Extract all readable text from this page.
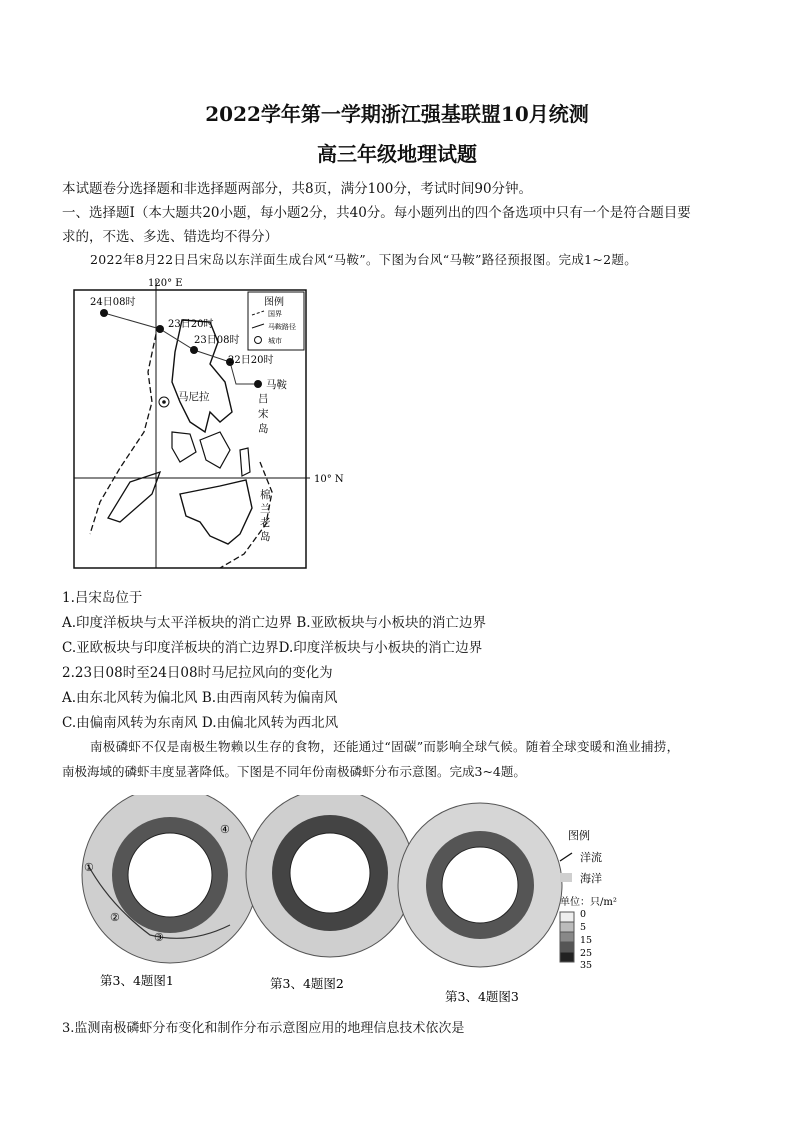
2022学年第一学期浙江强基联盟10月统测
高三年级地理试题
本试题卷分选择题和非选择题两部分，共8页，满分100分，考试时间90分钟。
一、选择题Ⅰ（本大题共20小题，每小题2分，共40分。每小题列出的四个备选项中只有一个是符合题目要
求的，不选、多选、错选均不得分）
2022年8月22日吕宋岛以东洋面生成台风“马鞍”。下图为台风“马鞍”路径预报图。完成1~2题。
120° E
10° N
24日08时
23日20时
23日08时
22日20时
马鞍
马尼拉	吕
宋
岛
棉
兰
老
岛
图例
国界
马鞍路径
城市
1.吕宋岛位于
A.印度洋板块与太平洋板块的消亡边界 B.亚欧板块与小板块的消亡边界
C.亚欧板块与印度洋板块的消亡边界D.印度洋板块与小板块的消亡边界
2.23日08时至24日08时马尼拉风向的变化为
A.由东北风转为偏北风 B.由西南风转为偏南风
C.由偏南风转为东南风 D.由偏北风转为西北风
南极磷虾不仅是南极生物赖以生存的食物，还能通过“固碳”而影响全球气候。随着全球变暖和渔业捕捞，
南极海域的磷虾丰度显著降低。下图是不同年份南极磷虾分布示意图。完成3~4题。
①
②
③
④
第3、4题图1	第3、4题图2
第3、4题图3
图例
洋流
海洋
单位：只/m²
0
5
15
25
35
3.监测南极磷虾分布变化和制作分布示意图应用的地理信息技术依次是
